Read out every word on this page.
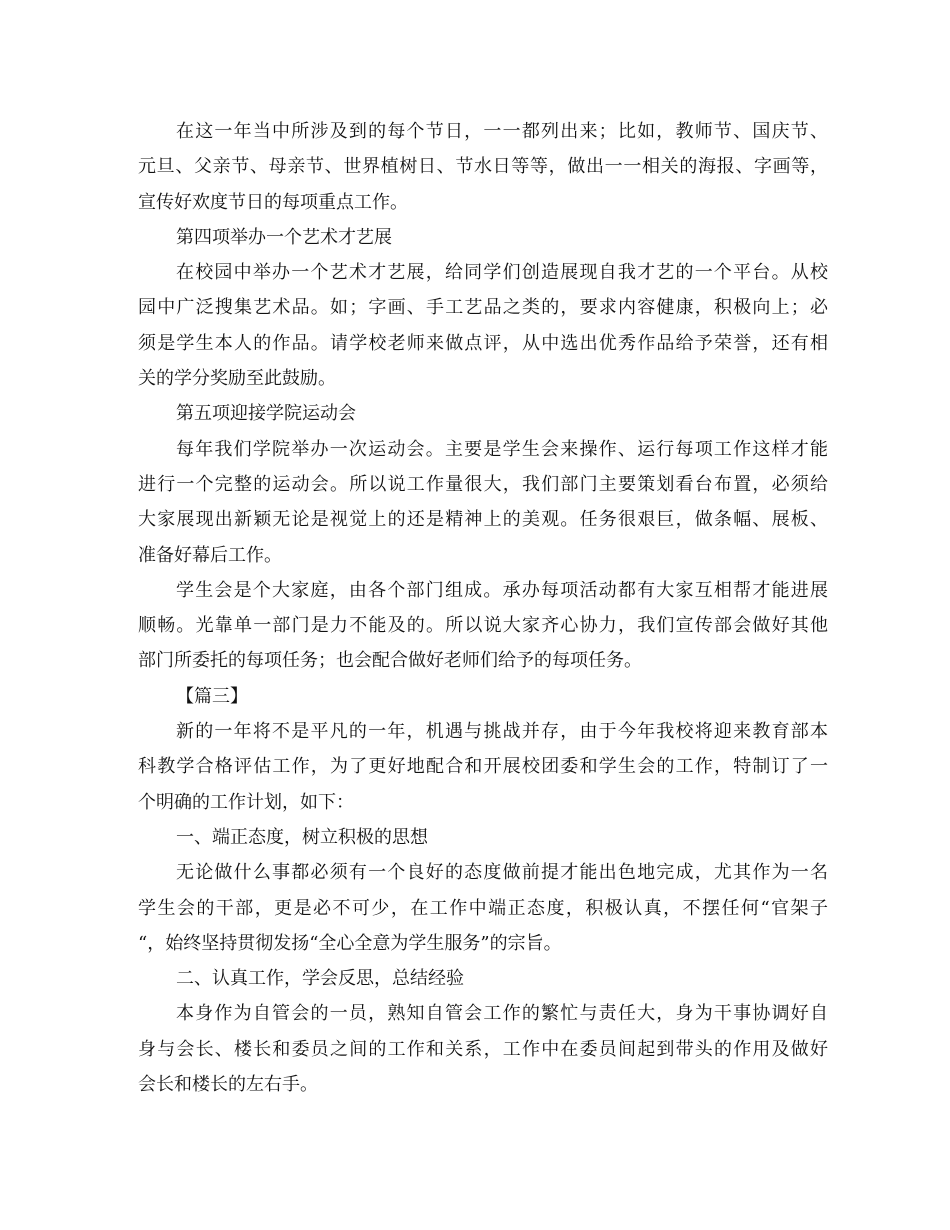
在这一年当中所涉及到的每个节日，一一都列出来；比如，教师节、国庆节、
元旦、父亲节、母亲节、世界植树日、节水日等等，做出一一相关的海报、字画等，
宣传好欢度节日的每项重点工作。
第四项举办一个艺术才艺展
在校园中举办一个艺术才艺展，给同学们创造展现自我才艺的一个平台。从校
园中广泛搜集艺术品。如；字画、手工艺品之类的，要求内容健康，积极向上；必
须是学生本人的作品。请学校老师来做点评，从中选出优秀作品给予荣誉，还有相
关的学分奖励至此鼓励。
第五项迎接学院运动会
每年我们学院举办一次运动会。主要是学生会来操作、运行每项工作这样才能
进行一个完整的运动会。所以说工作量很大，我们部门主要策划看台布置，必须给
大家展现出新颖无论是视觉上的还是精神上的美观。任务很艰巨，做条幅、展板、
准备好幕后工作。
学生会是个大家庭，由各个部门组成。承办每项活动都有大家互相帮才能进展
顺畅。光靠单一部门是力不能及的。所以说大家齐心协力，我们宣传部会做好其他
部门所委托的每项任务；也会配合做好老师们给予的每项任务。
【篇三】
新的一年将不是平凡的一年，机遇与挑战并存，由于今年我校将迎来教育部本
科教学合格评估工作，为了更好地配合和开展校团委和学生会的工作，特制订了一
个明确的工作计划，如下：
一、端正态度，树立积极的思想
无论做什么事都必须有一个良好的态度做前提才能出色地完成，尤其作为一名
学生会的干部，更是必不可少，在工作中端正态度，积极认真，不摆任何“官架子
“，始终坚持贯彻发扬“全心全意为学生服务”的宗旨。
二、认真工作，学会反思，总结经验
本身作为自管会的一员，熟知自管会工作的繁忙与责任大，身为干事协调好自
身与会长、楼长和委员之间的工作和关系，工作中在委员间起到带头的作用及做好
会长和楼长的左右手。
